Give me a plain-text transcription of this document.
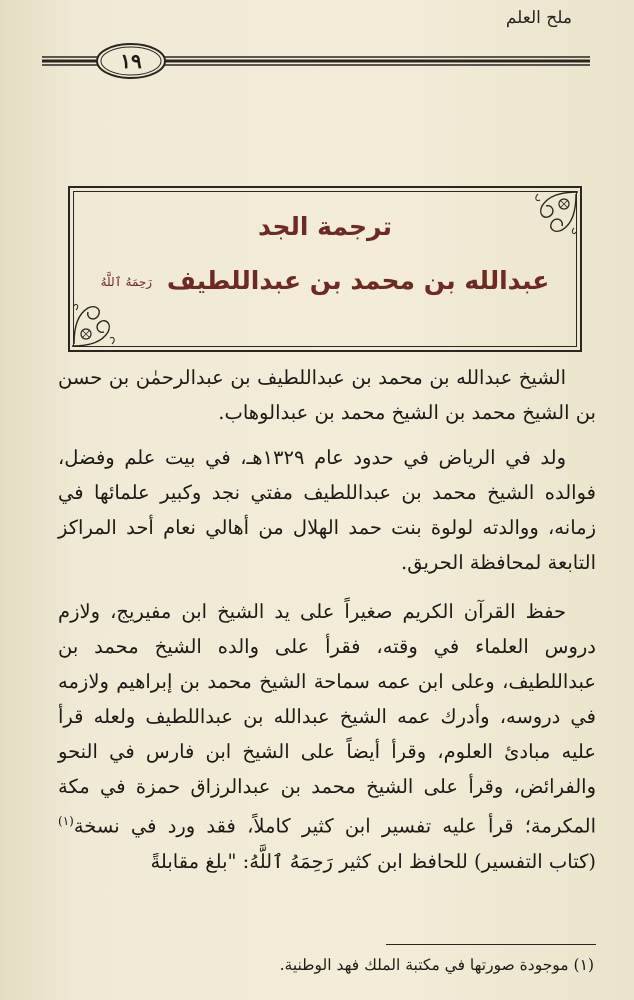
ملح العلم
١٩
ترجمة الجد
عبدالله بن محمد بن عبداللطيف رَحِمَهُ ٱللَّهُ

الشيخ عبدالله بن محمد بن عبداللطيف بن عبدالرحمٰن بن حسن بن الشيخ محمد بن الشيخ محمد بن عبدالوهاب.

ولد في الرياض في حدود عام ١٣٢٩هـ، في بيت علم وفضل، فوالده الشيخ محمد بن عبداللطيف مفتي نجد وكبير علمائها في زمانه، ووالدته لولوة بنت حمد الهلال من أهالي نعام أحد المراكز التابعة لمحافظة الحريق.

حفظ القرآن الكريم صغيراً على يد الشيخ ابن مفيريج، ولازم دروس العلماء في وقته، فقرأ على والده الشيخ محمد بن عبداللطيف، وعلى ابن عمه سماحة الشيخ محمد بن إبراهيم ولازمه في دروسه، وأدرك عمه الشيخ عبدالله بن عبداللطيف ولعله قرأ عليه مبادئ العلوم، وقرأ أيضاً على الشيخ ابن فارس في النحو والفرائض، وقرأ على الشيخ محمد بن عبدالرزاق حمزة في مكة المكرمة؛ قرأ عليه تفسير ابن كثير كاملاً، فقد ورد في نسخة$^{(١)}$ (كتاب التفسير) للحافظ ابن كثير رَحِمَهُ ٱللَّهُ: "بلغ مقابلةً

(١) موجودة صورتها في مكتبة الملك فهد الوطنية.
